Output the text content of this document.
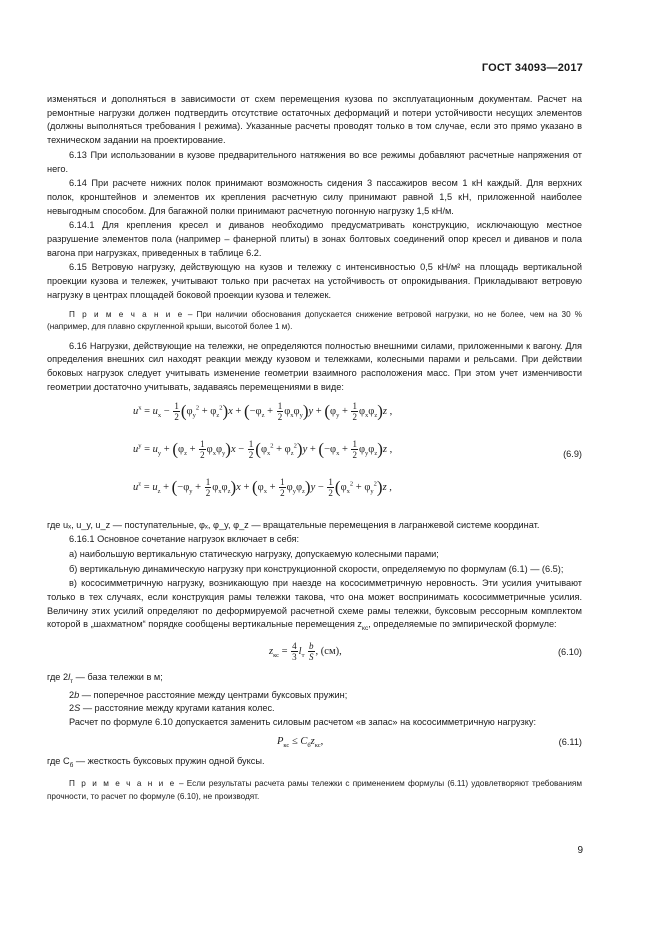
ГОСТ 34093—2017

изменяться и дополняться в зависимости от схем перемещения кузова по эксплуатационным документам. Расчет на ремонтные нагрузки должен подтвердить отсутствие остаточных деформаций и потери устойчивости несущих элементов (должны выполняться требования I режима). Указанные расчеты проводят только в том случае, если это прямо указано в техническом задании на проектирование.

6.13 При использовании в кузове предварительного натяжения во все режимы добавляют расчетные напряжения от него.

6.14 При расчете нижних полок принимают возможность сидения 3 пассажиров весом 1 кН каждый. Для верхних полок, кронштейнов и элементов их крепления расчетную силу принимают равной 1,5 кН, приложенной наиболее невыгодным способом. Для багажной полки принимают расчетную погонную нагрузку 1,5 кН/м.

6.14.1 Для крепления кресел и диванов необходимо предусматривать конструкцию, исключающую местное разрушение элементов пола (например – фанерной плиты) в зонах болтовых соединений опор кресел и диванов и пола вагона при нагрузках, приведенных в таблице 6.2.

6.15 Ветровую нагрузку, действующую на кузов и тележку с интенсивностью 0,5 кН/м² на площадь вертикальной проекции кузова и тележек, учитывают только при расчетах на устойчивость от опрокидывания. Прикладывают ветровую нагрузку в центрах площадей боковой проекции кузова и тележек.

П р и м е ч а н и е – При наличии обоснования допускается снижение ветровой нагрузки, но не более, чем на 30 % (например, для плавно скругленной крыши, высотой более 1 м).

6.16 Нагрузки, действующие на тележки, не определяются полностью внешними силами, приложенными к вагону. Для определения внешних сил находят реакции между кузовом и тележками, колесными парами и рельсами. При действии боковых нагрузок следует учитывать изменение геометрии взаимного расположения масс. При этом учет изменчивости геометрии достаточно учитывать, задаваясь перемещениями в виде:

$u^x = u_x - \frac{1}{2} (\varphi_y^2 + \varphi_z^2)x + (-\varphi_z + \frac{1}{2} \varphi_x\varphi_y)y + (\varphi_y + \frac{1}{2} \varphi_x\varphi_z)z$ ,
$u^y = u_y + (\varphi_z + \frac{1}{2} \varphi_x\varphi_y)x - \frac{1}{2} (\varphi_x^2 + \varphi_z^2)y + (-\varphi_x + \frac{1}{2} \varphi_y\varphi_z)z$ ,	(6.9)
$u^z = u_z + (-\varphi_y + \frac{1}{2} \varphi_x\varphi_z)x + (\varphi_x + \frac{1}{2} \varphi_y\varphi_z)y - \frac{1}{2} (\varphi_x^2 + \varphi_y^2)z$ ,

где uₓ, u_y, u_z — поступательные, φₓ, φ_y, φ_z — вращательные перемещения в лагранжевой системе координат.

6.16.1 Основное сочетание нагрузок включает в себя:

а) наибольшую вертикальную статическую нагрузку, допускаемую колесными парами;

б) вертикальную динамическую нагрузку при конструкционной скорости, определяемую по формулам (6.1) — (6.5);

в) кососимметричную нагрузку, возникающую при наезде на кососимметричную неровность. Эти усилия учитывают только в тех случаях, если конструкция рамы тележки такова, что она может воспринимать кососимметричные усилия. Величину этих усилий определяют по деформируемой расчетной схеме рамы тележки, буксовым рессорным комплектом которой в „шахматном“ порядке сообщены вертикальные перемещения $z_{кс}$, определяемые по эмпирической формуле:

$z_{кс} = \frac{4}{3} l_т \frac{b}{S}$ , (см),	(6.10)

где $2l_т$ — база тележки в м;

2b — поперечное расстояние между центрами буксовых пружин;

2S — расстояние между кругами катания колес.

Расчет по формуле 6.10 допускается заменить силовым расчетом «в запас» на кососимметричную нагрузку:

$P_{кс} \le C_бz_{кс}$,	(6.11)

где $C_б$ — жесткость буксовых пружин одной буксы.

П р и м е ч а н и е – Если результаты расчета рамы тележки с применением формулы (6.11) удовлетворяют требованиям прочности, то расчет по формуле (6.10), не производят.

9
